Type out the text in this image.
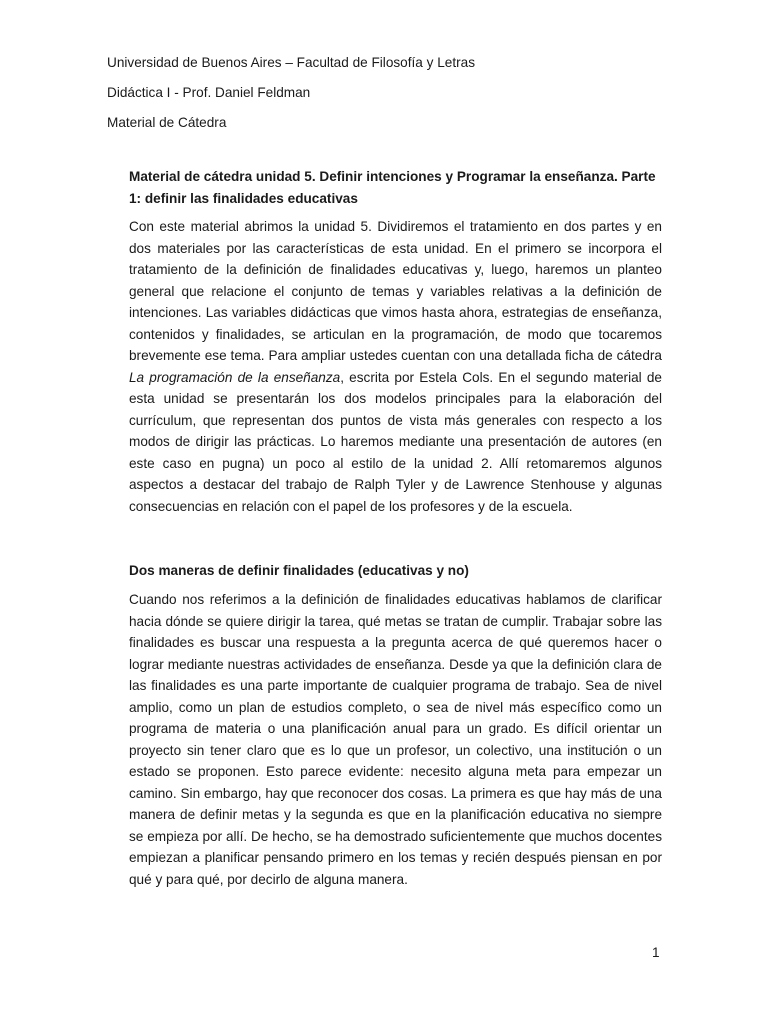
Universidad de Buenos Aires – Facultad de Filosofía y Letras
Didáctica I - Prof. Daniel Feldman
Material de Cátedra

Material de cátedra unidad 5. Definir intenciones y Programar la enseñanza. Parte 1: definir las finalidades educativas

Con este material abrimos la unidad 5. Dividiremos el tratamiento en dos partes y en dos materiales por las características de esta unidad. En el primero se incorpora el tratamiento de la definición de finalidades educativas y, luego, haremos un planteo general que relacione el conjunto de temas y variables relativas a la definición de intenciones. Las variables didácticas que vimos hasta ahora, estrategias de enseñanza, contenidos y finalidades, se articulan en la programación, de modo que tocaremos brevemente ese tema. Para ampliar ustedes cuentan con una detallada ficha de cátedra La programación de la enseñanza, escrita por Estela Cols. En el segundo material de esta unidad se presentarán los dos modelos principales para la elaboración del currículum, que representan dos puntos de vista más generales con respecto a los modos de dirigir las prácticas. Lo haremos mediante una presentación de autores (en este caso en pugna) un poco al estilo de la unidad 2. Allí retomaremos algunos aspectos a destacar del trabajo de Ralph Tyler y de Lawrence Stenhouse y algunas consecuencias en relación con el papel de los profesores y de la escuela.

Dos maneras de definir finalidades (educativas y no)

Cuando nos referimos a la definición de finalidades educativas hablamos de clarificar hacia dónde se quiere dirigir la tarea, qué metas se tratan de cumplir. Trabajar sobre las finalidades es buscar una respuesta a la pregunta acerca de qué queremos hacer o lograr mediante nuestras actividades de enseñanza. Desde ya que la definición clara de las finalidades es una parte importante de cualquier programa de trabajo. Sea de nivel amplio, como un plan de estudios completo, o sea de nivel más específico como un programa de materia o una planificación anual para un grado. Es difícil orientar un proyecto sin tener claro que es lo que un profesor, un colectivo, una institución o un estado se proponen. Esto parece evidente: necesito alguna meta para empezar un camino. Sin embargo, hay que reconocer dos cosas. La primera es que hay más de una manera de definir metas y la segunda es que en la planificación educativa no siempre se empieza por allí. De hecho, se ha demostrado suficientemente que muchos docentes empiezan a planificar pensando primero en los temas y recién después piensan en por qué y para qué, por decirlo de alguna manera.

1
